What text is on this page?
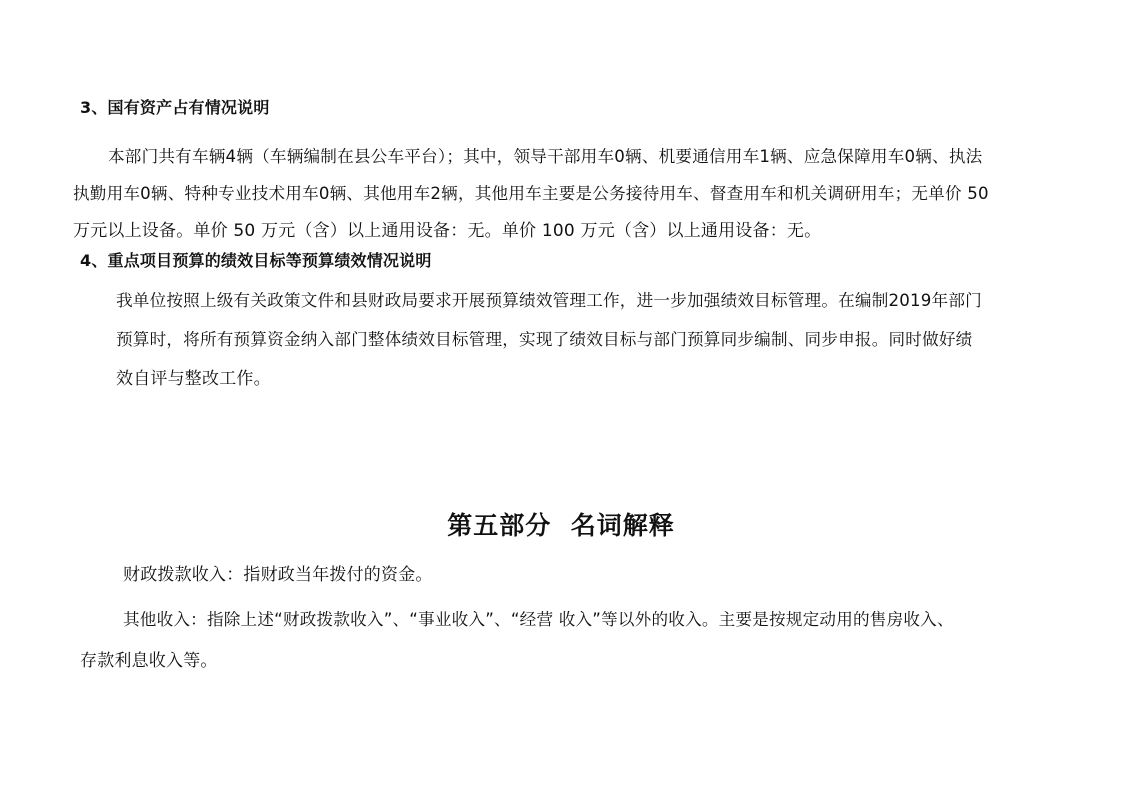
3、国有资产占有情况说明
本部门共有车辆4辆（车辆编制在县公车平台）；其中，领导干部用车0辆、机要通信用车1辆、应急保障用车0辆、执法
执勤用车0辆、特种专业技术用车0辆、其他用车2辆，其他用车主要是公务接待用车、督查用车和机关调研用车；无单价 50
万元以上设备。单价 50 万元（含）以上通用设备：无。单价 100 万元（含）以上通用设备：无。
4、重点项目预算的绩效目标等预算绩效情况说明
我单位按照上级有关政策文件和县财政局要求开展预算绩效管理工作，进一步加强绩效目标管理。在编制2019年部门
预算时，将所有预算资金纳入部门整体绩效目标管理，实现了绩效目标与部门预算同步编制、同步申报。同时做好绩
效自评与整改工作。
第五部分  名词解释
财政拨款收入：指财政当年拨付的资金。
其他收入：指除上述“财政拨款收入”、“事业收入”、“经营 收入”等以外的收入。主要是按规定动用的售房收入、
存款利息收入等。
